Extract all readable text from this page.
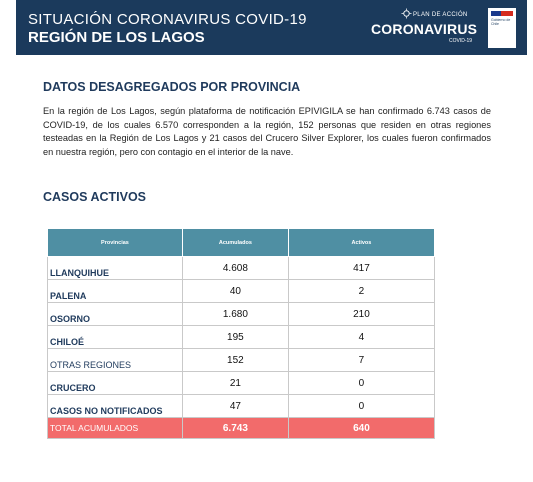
SITUACIÓN CORONAVIRUS COVID-19
REGIÓN DE LOS LAGOS
PLAN DE ACCIÓN
CORONAVIRUS
COVID-19
Gobierno de Chile
DATOS DESAGREGADOS POR PROVINCIA
En la región de Los Lagos, según plataforma de notificación EPIVIGILA se han confirmado 6.743 casos de COVID-19, de los cuales 6.570 corresponden a la región, 152 personas que residen en otras regiones testeadas en la Región de Los Lagos y 21 casos del Crucero Silver Explorer, los cuales fueron confirmados en nuestra región, pero con contagio en el interior de la nave.
CASOS ACTIVOS
Provincias	Acumulados	Activos
LLANQUIHUE	4.608	417
PALENA	40	2
OSORNO	1.680	210
CHILOÉ	195	4
OTRAS REGIONES	152	7
CRUCERO	21	0
CASOS NO NOTIFICADOS	47	0
TOTAL ACUMULADOS	6.743	640
